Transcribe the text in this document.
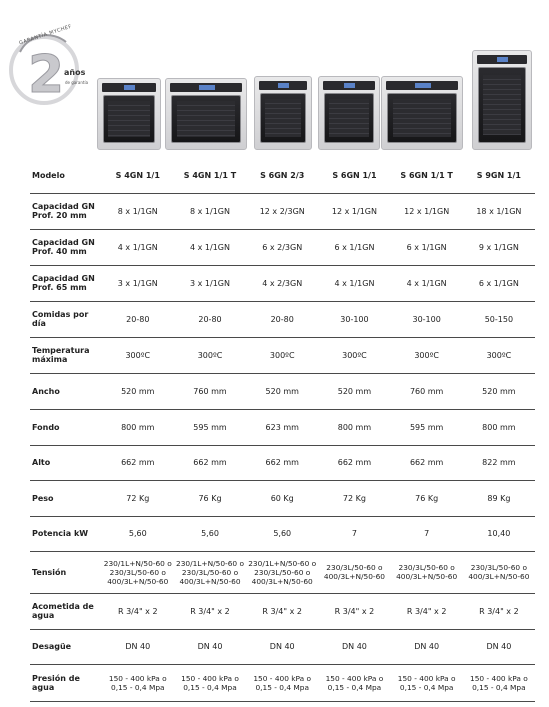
2
GARANTÍA MYCHEF
años
de garantía
Modelo	S 4GN 1/1	S 4GN 1/1 T	S 6GN 2/3	S 6GN 1/1	S 6GN 1/1 T	S 9GN 1/1
Capacidad GN
Prof. 20 mm	8 x 1/1GN	8 x 1/1GN	12 x 2/3GN	12 x 1/1GN	12 x 1/1GN	18 x 1/1GN
Capacidad GN
Prof. 40 mm	4 x 1/1GN	4 x 1/1GN	6 x 2/3GN	6 x 1/1GN	6 x 1/1GN	9 x 1/1GN
Capacidad GN
Prof. 65 mm	3 x 1/1GN	3 x 1/1GN	4 x 2/3GN	4 x 1/1GN	4 x 1/1GN	6 x 1/1GN
Comidas por
día	20-80	20-80	20-80	30-100	30-100	50-150
Temperatura
máxima	300ºC	300ºC	300ºC	300ºC	300ºC	300ºC
Ancho	520 mm	760 mm	520 mm	520 mm	760 mm	520 mm
Fondo	800 mm	595 mm	623 mm	800 mm	595 mm	800 mm
Alto	662 mm	662 mm	662 mm	662 mm	662 mm	822 mm
Peso	72 Kg	76 Kg	60 Kg	72 Kg	76 Kg	89 Kg
Potencia kW	5,60	5,60	5,60	7	7	10,40
Tensión	230/1L+N/50-60 o
230/3L/50-60 o
400/3L+N/50-60	230/1L+N/50-60 o
230/3L/50-60 o
400/3L+N/50-60	230/1L+N/50-60 o
230/3L/50-60 o
400/3L+N/50-60	230/3L/50-60 o
400/3L+N/50-60	230/3L/50-60 o
400/3L+N/50-60	230/3L/50-60 o
400/3L+N/50-60
Acometida de
agua	R 3/4" x 2	R 3/4" x 2	R 3/4" x 2	R 3/4" x 2	R 3/4" x 2	R 3/4" x 2
Desagüe	DN 40	DN 40	DN 40	DN 40	DN 40	DN 40
Presión de
agua	150 - 400 kPa o
0,15 - 0,4 Mpa	150 - 400 kPa o
0,15 - 0,4 Mpa	150 - 400 kPa o
0,15 - 0,4 Mpa	150 - 400 kPa o
0,15 - 0,4 Mpa	150 - 400 kPa o
0,15 - 0,4 Mpa	150 - 400 kPa o
0,15 - 0,4 Mpa
